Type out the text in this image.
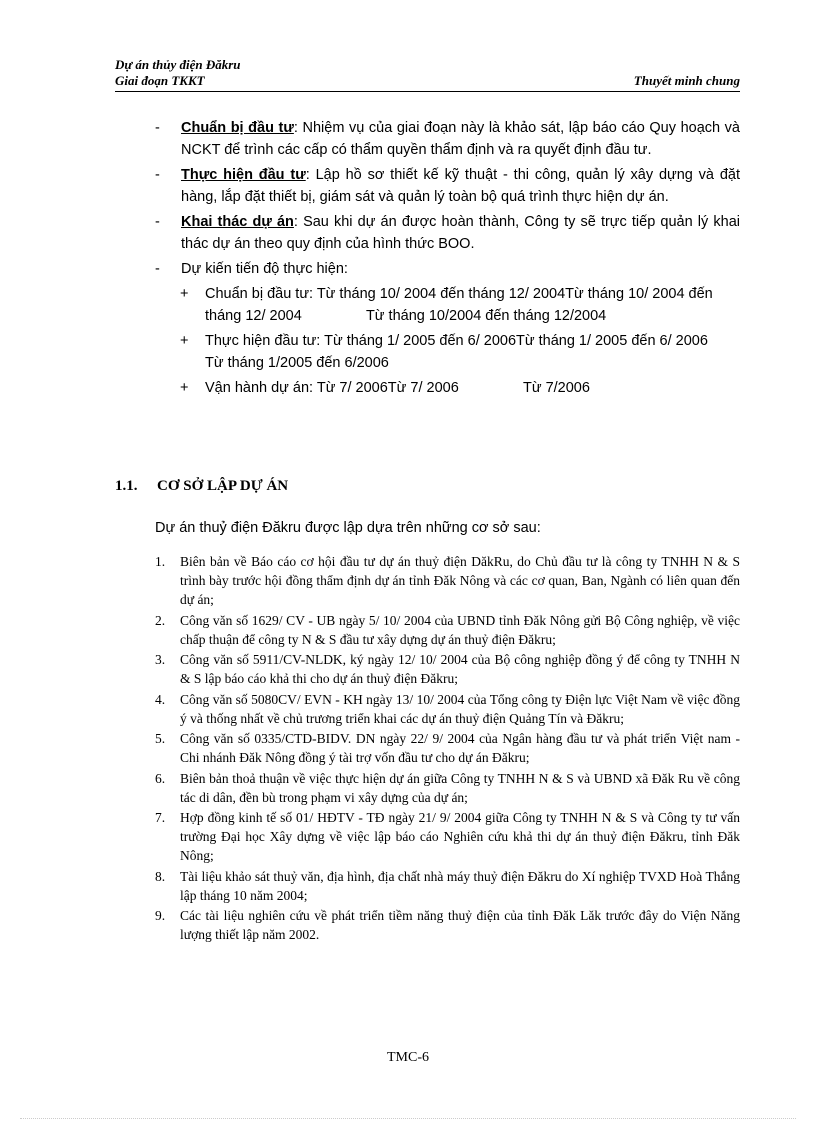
Dự án thủy điện Đăkru
Giai đoạn TKKT	Thuyết minh chung
- Chuẩn bị đầu tư: Nhiệm vụ của giai đoạn này là khảo sát, lập báo cáo Quy hoạch và NCKT để trình các cấp có thẩm quyền thẩm định và ra quyết định đầu tư.
- Thực hiện đầu tư: Lập hồ sơ thiết kế kỹ thuật - thi công, quản lý xây dựng và đặt hàng, lắp đặt thiết bị, giám sát và quản lý toàn bộ quá trình thực hiện dự án.
- Khai thác dự án: Sau khi dự án được hoàn thành, Công ty sẽ trực tiếp quản lý khai thác dự án theo quy định của hình thức BOO.
- Dự kiến tiến độ thực hiện:
+ Chuẩn bị đầu tư: Từ tháng 10/ 2004 đến tháng 12/ 2004Từ tháng 10/ 2004 đến tháng 12/ 2004                Từ tháng 10/2004 đến tháng 12/2004
+ Thực hiện đầu tư: Từ tháng 1/ 2005 đến 6/ 2006Từ tháng 1/ 2005 đến 6/ 2006                Từ tháng 1/2005 đến 6/2006
+ Vận hành dự án: Từ 7/ 2006Từ 7/ 2006                Từ 7/2006
1.1. CƠ SỞ LẬP DỰ ÁN
Dự án thuỷ điện Đăkru được lập dựa trên những cơ sở sau:
1. Biên bản về Báo cáo cơ hội đầu tư dự án thuỷ điện DăkRu, do Chủ đầu tư là công ty TNHH N & S trình bày trước hội đồng thẩm định dự án tỉnh Đăk Nông và các cơ quan, Ban, Ngành có liên quan đến dự án;
2. Công văn số 1629/ CV - UB ngày 5/ 10/ 2004 của UBND tỉnh Đăk Nông gửi Bộ Công nghiệp, về việc chấp thuận để công ty N & S đầu tư xây dựng dự án thuỷ điện Đăkru;
3. Công văn số 5911/CV-NLDK, ký ngày 12/ 10/ 2004 của Bộ công nghiệp đồng ý để công ty TNHH N & S lập báo cáo khả thi cho dự án thuỷ điện Đăkru;
4. Công văn số 5080CV/ EVN - KH ngày 13/ 10/ 2004 của Tổng công ty Điện lực Việt Nam về việc đồng ý và thống nhất về chủ trương triển khai các dự án thuỷ điện Quảng Tín và Đăkru;
5. Công văn số 0335/CTD-BIDV. DN ngày 22/ 9/ 2004 của Ngân hàng đầu tư và phát triển Việt nam - Chi nhánh Đăk Nông đồng ý tài trợ vốn đầu tư cho dự án Đăkru;
6. Biên bản thoả thuận về việc thực hiện dự án giữa Công ty TNHH N & S và UBND xã Đăk Ru về công tác di dân, đền bù trong phạm vi xây dựng của dự án;
7. Hợp đồng kinh tế số 01/ HĐTV - TĐ ngày 21/ 9/ 2004 giữa Công ty TNHH N & S và Công ty tư vấn trường Đại học Xây dựng về việc lập báo cáo Nghiên cứu khả thi dự án thuỷ điện Đăkru, tỉnh Đăk Nông;
8. Tài liệu khảo sát thuỷ văn, địa hình, địa chất nhà máy thuỷ điện Đăkru do Xí nghiệp TVXD Hoà Thắng lập tháng 10 năm 2004;
9. Các tài liệu nghiên cứu về phát triển tiềm năng thuỷ điện của tỉnh Đăk Lăk trước đây do Viện Năng lượng thiết lập năm 2002.
TMC-6
